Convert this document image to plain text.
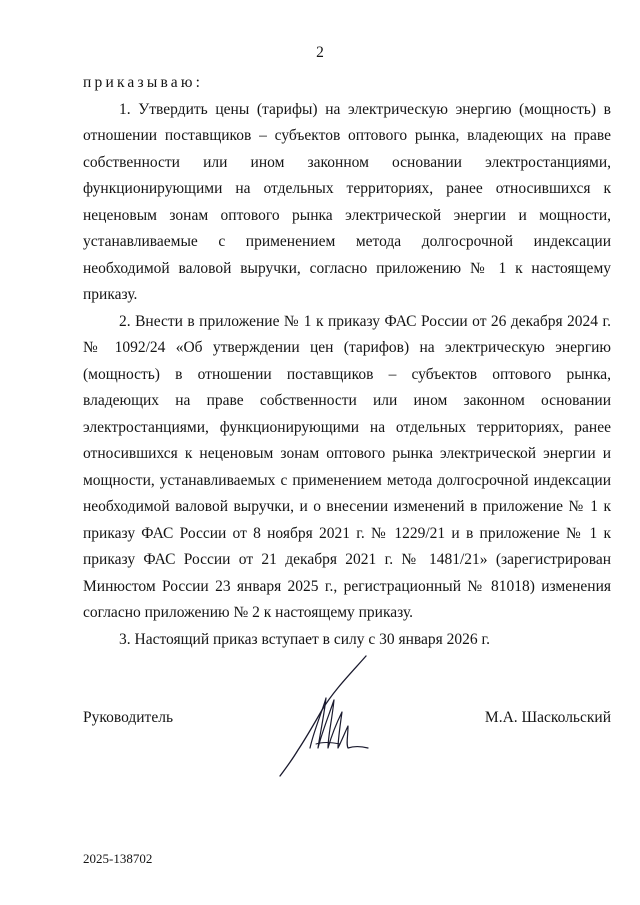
2

приказываю:

1. Утвердить цены (тарифы) на электрическую энергию (мощность) в отношении поставщиков – субъектов оптового рынка, владеющих на праве собственности или ином законном основании электростанциями, функционирующими на отдельных территориях, ранее относившихся к неценовым зонам оптового рынка электрической энергии и мощности, устанавливаемые с применением метода долгосрочной индексации необходимой валовой выручки, согласно приложению № 1 к настоящему приказу.

2. Внести в приложение № 1 к приказу ФАС России от 26 декабря 2024 г. № 1092/24 «Об утверждении цен (тарифов) на электрическую энергию (мощность) в отношении поставщиков – субъектов оптового рынка, владеющих на праве собственности или ином законном основании электростанциями, функционирующими на отдельных территориях, ранее относившихся к неценовым зонам оптового рынка электрической энергии и мощности, устанавливаемых с применением метода долгосрочной индексации необходимой валовой выручки, и о внесении изменений в приложение № 1 к приказу ФАС России от 8 ноября 2021 г. № 1229/21 и в приложение № 1 к приказу ФАС России от 21 декабря 2021 г. № 1481/21» (зарегистрирован Минюстом России 23 января 2025 г., регистрационный № 81018) изменения согласно приложению № 2 к настоящему приказу.

3. Настоящий приказ вступает в силу с 30 января 2026 г.

Руководитель	М.А. Шаскольский
2025-138702
